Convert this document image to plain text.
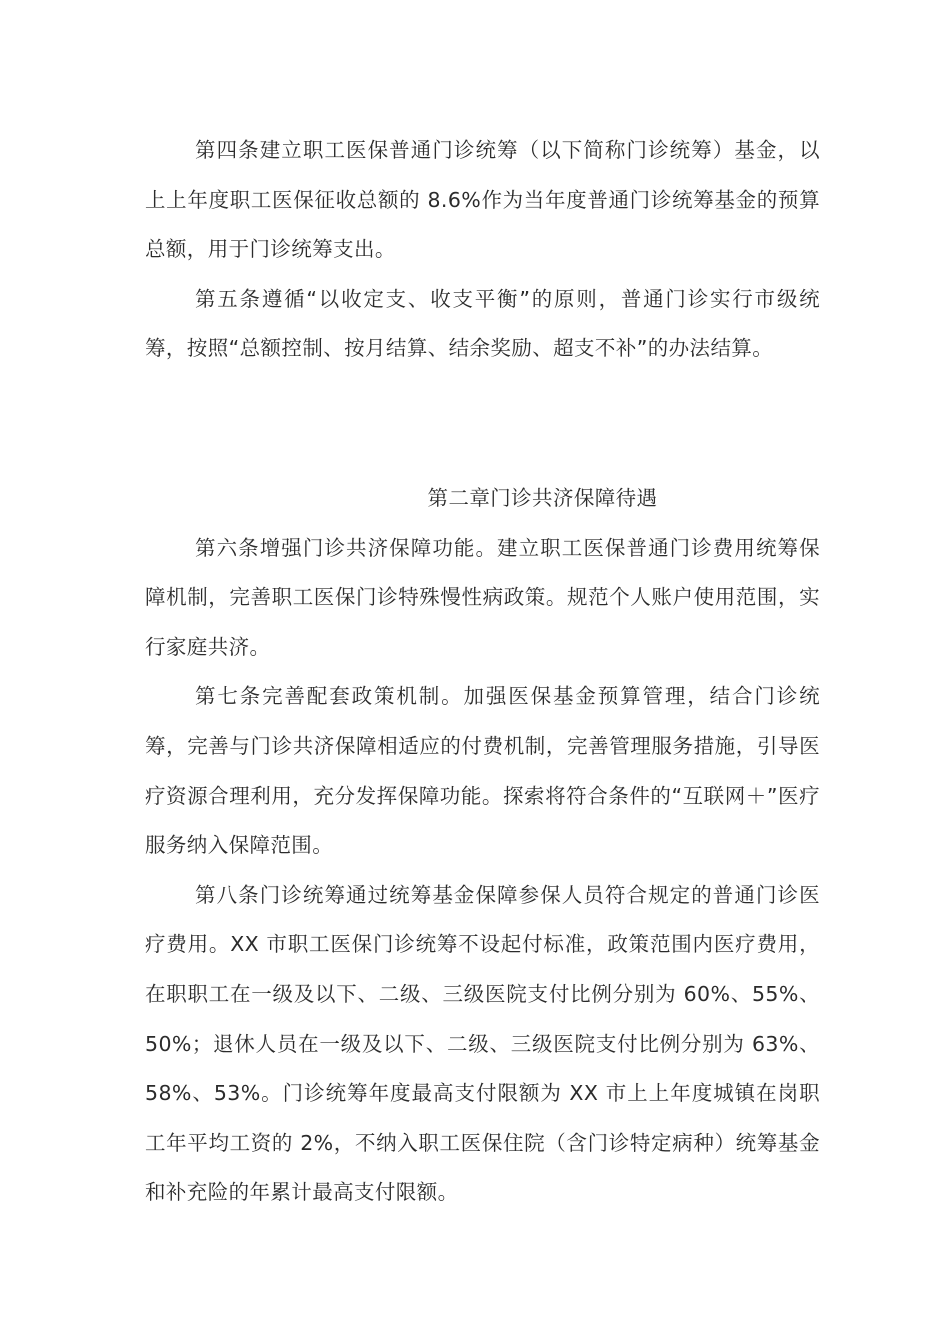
第四条建立职工医保普通门诊统筹（以下简称门诊统筹）基金，以上上年度职工医保征收总额的 8.6%作为当年度普通门诊统筹基金的预算总额，用于门诊统筹支出。

第五条遵循“以收定支、收支平衡”的原则，普通门诊实行市级统筹，按照“总额控制、按月结算、结余奖励、超支不补”的办法结算。

第二章门诊共济保障待遇

第六条增强门诊共济保障功能。建立职工医保普通门诊费用统筹保障机制，完善职工医保门诊特殊慢性病政策。规范个人账户使用范围，实行家庭共济。

第七条完善配套政策机制。加强医保基金预算管理，结合门诊统筹，完善与门诊共济保障相适应的付费机制，完善管理服务措施，引导医疗资源合理利用，充分发挥保障功能。探索将符合条件的“互联网＋”医疗服务纳入保障范围。

第八条门诊统筹通过统筹基金保障参保人员符合规定的普通门诊医疗费用。XX 市职工医保门诊统筹不设起付标准，政策范围内医疗费用，在职职工在一级及以下、二级、三级医院支付比例分别为 60%、55%、50%；退休人员在一级及以下、二级、三级医院支付比例分别为 63%、58%、53%。门诊统筹年度最高支付限额为 XX 市上上年度城镇在岗职工年平均工资的 2%，不纳入职工医保住院（含门诊特定病种）统筹基金和补充险的年累计最高支付限额。
